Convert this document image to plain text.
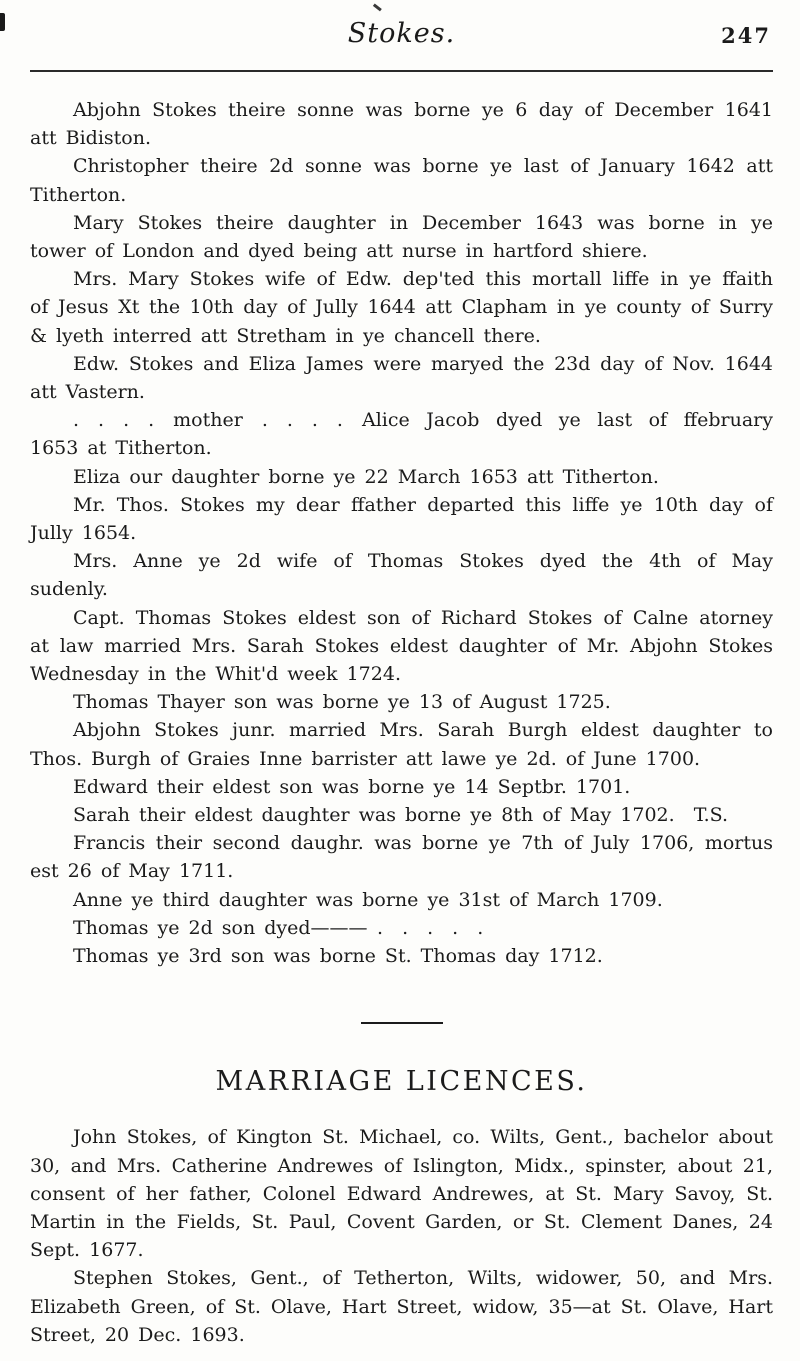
Stokes.	247

Abjohn Stokes theire sonne was borne ye 6 day of December 1641 att Bidiston.

Christopher theire 2d sonne was borne ye last of January 1642 att Titherton.

Mary Stokes theire daughter in December 1643 was borne in ye tower of London and dyed being att nurse in hartford shiere.

Mrs. Mary Stokes wife of Edw. dep'ted this mortall liffe in ye ffaith of Jesus Xt the 10th day of Jully 1644 att Clapham in ye county of Surry & lyeth interred att Stretham in ye chancell there.

Edw. Stokes and Eliza James were maryed the 23d day of Nov. 1644 att Vastern.

. . . . mother . . . . Alice Jacob dyed ye last of ffebruary 1653 at Titherton.

Eliza our daughter borne ye 22 March 1653 att Titherton.

Mr. Thos. Stokes my dear ffather departed this liffe ye 10th day of Jully 1654.

Mrs. Anne ye 2d wife of Thomas Stokes dyed the 4th of May sudenly.

Capt. Thomas Stokes eldest son of Richard Stokes of Calne atorney at law married Mrs. Sarah Stokes eldest daughter of Mr. Abjohn Stokes Wednesday in the Whit'd week 1724.

Thomas Thayer son was borne ye 13 of August 1725.

Abjohn Stokes junr. married Mrs. Sarah Burgh eldest daughter to Thos. Burgh of Graies Inne barrister att lawe ye 2d. of June 1700.

Edward their eldest son was borne ye 14 Septbr. 1701.

Sarah their eldest daughter was borne ye 8th of May 1702. T.S.

Francis their second daughr. was borne ye 7th of July 1706, mortus est 26 of May 1711.

Anne ye third daughter was borne ye 31st of March 1709.

Thomas ye 2d son dyed——— . . . . .

Thomas ye 3rd son was borne St. Thomas day 1712.

MARRIAGE LICENCES.

John Stokes, of Kington St. Michael, co. Wilts, Gent., bachelor about 30, and Mrs. Catherine Andrewes of Islington, Midx., spinster, about 21, consent of her father, Colonel Edward Andrewes, at St. Mary Savoy, St. Martin in the Fields, St. Paul, Covent Garden, or St. Clement Danes, 24 Sept. 1677.

Stephen Stokes, Gent., of Tetherton, Wilts, widower, 50, and Mrs. Elizabeth Green, of St. Olave, Hart Street, widow, 35—at St. Olave, Hart Street, 20 Dec. 1693.
